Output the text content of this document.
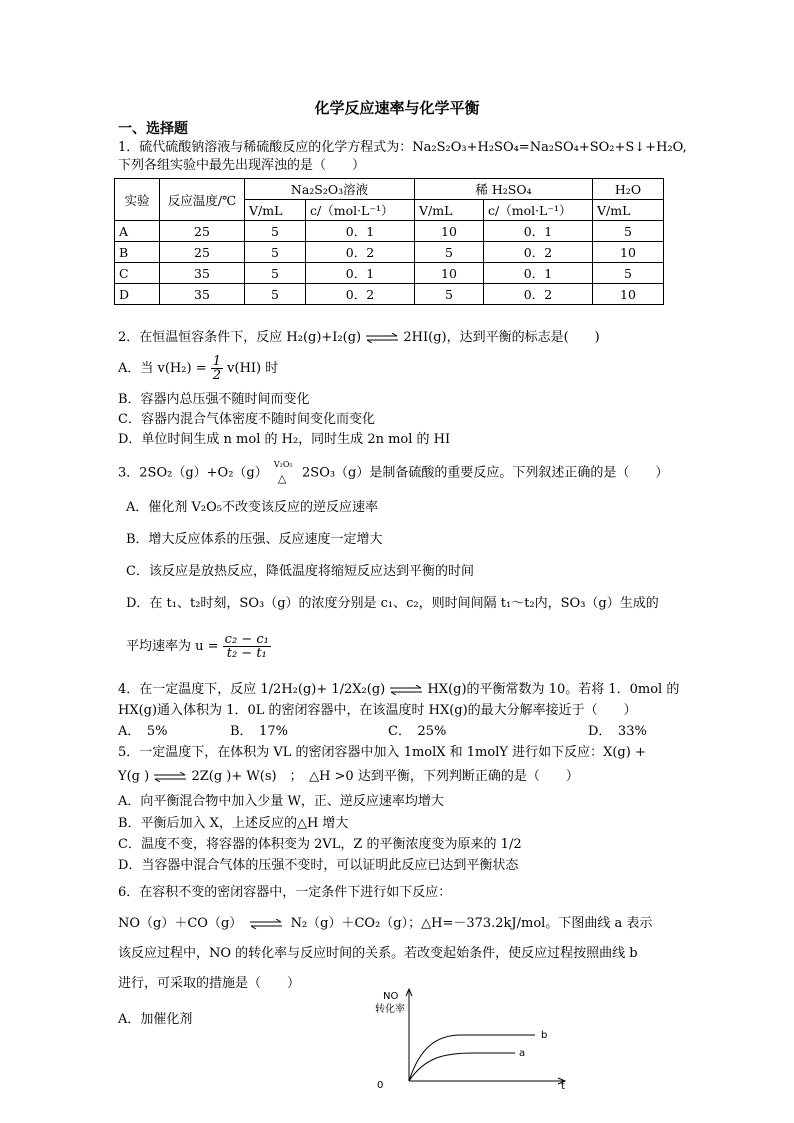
化学反应速率与化学平衡
一、选择题
1．硫代硫酸钠溶液与稀硫酸反应的化学方程式为：Na₂S₂O₃+H₂SO₄=Na₂SO₄+SO₂+S↓+H₂O,
下列各组实验中最先出现浑浊的是（　　）
实验	反应温度/℃	Na₂S₂O₃溶液		稀 H₂SO₄		H₂O
		V/mL	c/（mol·L⁻¹）	V/mL	c/（mol·L⁻¹）	V/mL
A	25	5	0．1	10	0．1	5
B	25	5	0．2	5	0．2	10
C	35	5	0．1	10	0．1	5
D	35	5	0．2	5	0．2	10
2．在恒温恒容条件下，反应 H₂(g)+I₂(g) ⇌ 2HI(g)，达到平衡的标志是(　　)
A．当 $v(H_2) = \frac{1}{2} v(HI)$ 时
B．容器内总压强不随时间而变化
C．容器内混合气体密度不随时间变化而变化
D．单位时间生成 n mol 的 H₂，同时生成 2n mol 的 HI
3．2SO₂（g）+O₂（g）
V₂O₅
△ 2SO₃（g）是制备硫酸的重要反应。下列叙述正确的是（　　）
A．催化剂 V₂O₅不改变该反应的逆反应速率
B．增大反应体系的压强、反应速度一定增大
C．该反应是放热反应，降低温度将缩短反应达到平衡的时间
D．在 t₁、t₂时刻，SO₃（g）的浓度分别是 c₁、c₂，则时间间隔 t₁～t₂内，SO₃（g）生成的
平均速率为 $u = \frac{\text{c₂ − c₁}}{\text{t₂ − t₁}}$
4．在一定温度下，反应 1/2H₂(g)+ 1/2X₂(g) ⇌ HX(g)的平衡常数为 10。若将 1．0mol 的
HX(g)通入体积为 1．0L 的密闭容器中，在该温度时 HX(g)的最大分解率接近于（　　）
A．　5%	B．　17%	C．　25%	D．　33%
5．一定温度下，在体积为 VL 的密闭容器中加入 1molX 和 1molY 进行如下反应：X(g) +
Y(g ) ⇌ 2Z(g )+ W(s)　；　△H >0 达到平衡，下列判断正确的是（　　）
A．向平衡混合物中加入少量 W，正、逆反应速率均增大
B．平衡后加入 X，上述反应的△H 增大
C．温度不变，将容器的体积变为 2VL，Z 的平衡浓度变为原来的 1/2
D．当容器中混合气体的压强不变时，可以证明此反应已达到平衡状态
6．在容积不变的密闭容器中，一定条件下进行如下反应：
NO（g）＋CO（g） ⇌ N₂（g）＋CO₂（g）；△H=－373.2kJ/mol。下图曲线 a 表示
该反应过程中，NO 的转化率与反应时间的关系。若改变起始条件，使反应过程按照曲线 b
进行，可采取的措施是（　　）
A．加催化剂
NO
转化率
0	t
b
a
